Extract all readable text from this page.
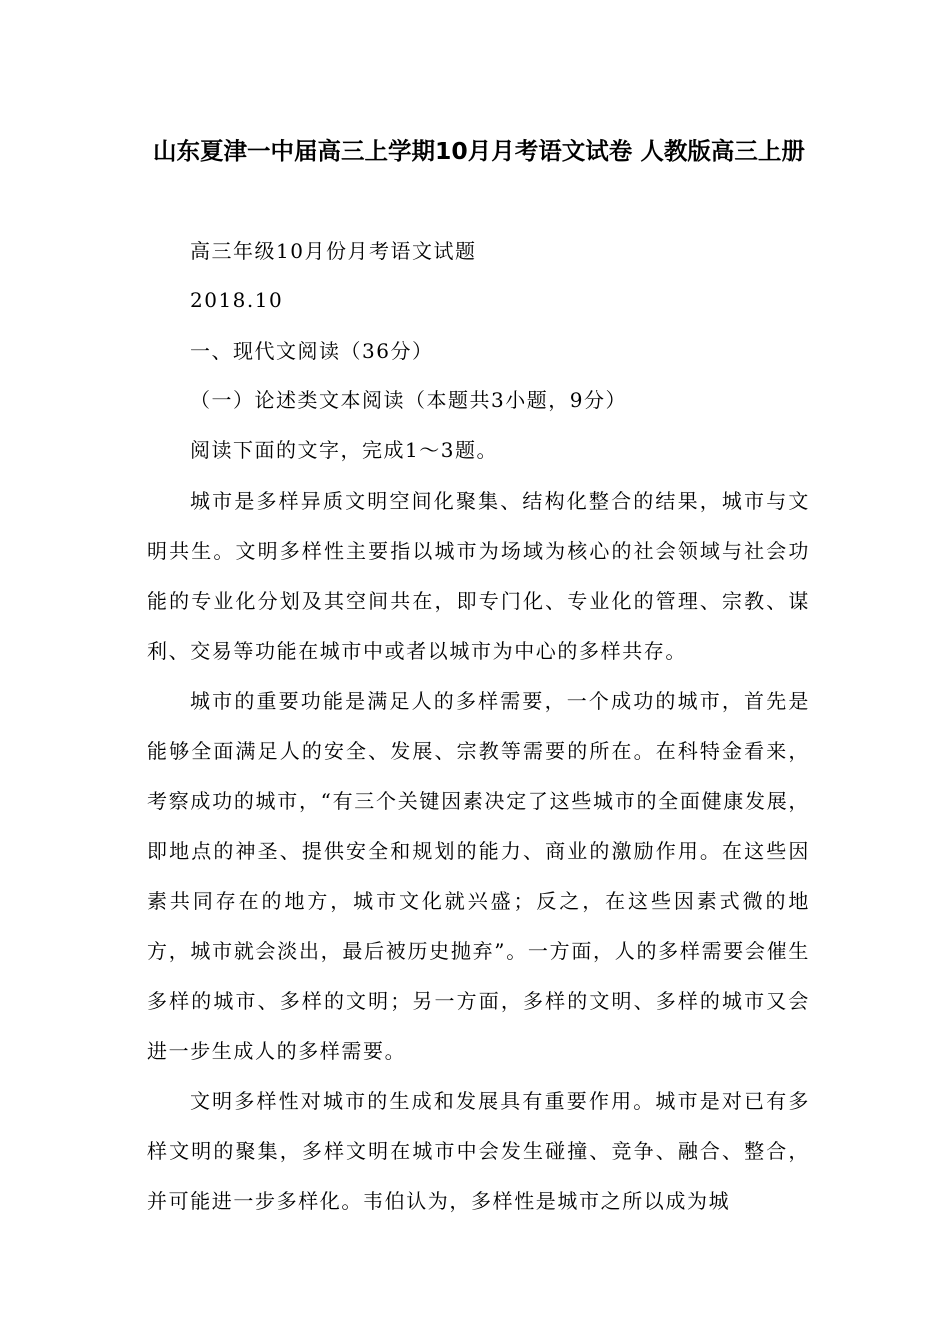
山东夏津一中届高三上学期10月月考语文试卷 人教版高三上册

高三年级10月份月考语文试题

2018.10

一、现代文阅读（36分）

（一）论述类文本阅读（本题共3小题，9分）

阅读下面的文字，完成1～3题。

城市是多样异质文明空间化聚集、结构化整合的结果，城市与文明共生。文明多样性主要指以城市为场域为核心的社会领域与社会功能的专业化分划及其空间共在，即专门化、专业化的管理、宗教、谋利、交易等功能在城市中或者以城市为中心的多样共存。

城市的重要功能是满足人的多样需要，一个成功的城市，首先是能够全面满足人的安全、发展、宗教等需要的所在。在科特金看来，考察成功的城市，“有三个关键因素决定了这些城市的全面健康发展，即地点的神圣、提供安全和规划的能力、商业的激励作用。在这些因素共同存在的地方，城市文化就兴盛；反之，在这些因素式微的地方，城市就会淡出，最后被历史抛弃”。一方面，人的多样需要会催生多样的城市、多样的文明；另一方面，多样的文明、多样的城市又会进一步生成人的多样需要。

文明多样性对城市的生成和发展具有重要作用。城市是对已有多样文明的聚集，多样文明在城市中会发生碰撞、竞争、融合、整合，并可能进一步多样化。韦伯认为，多样性是城市之所以成为城
